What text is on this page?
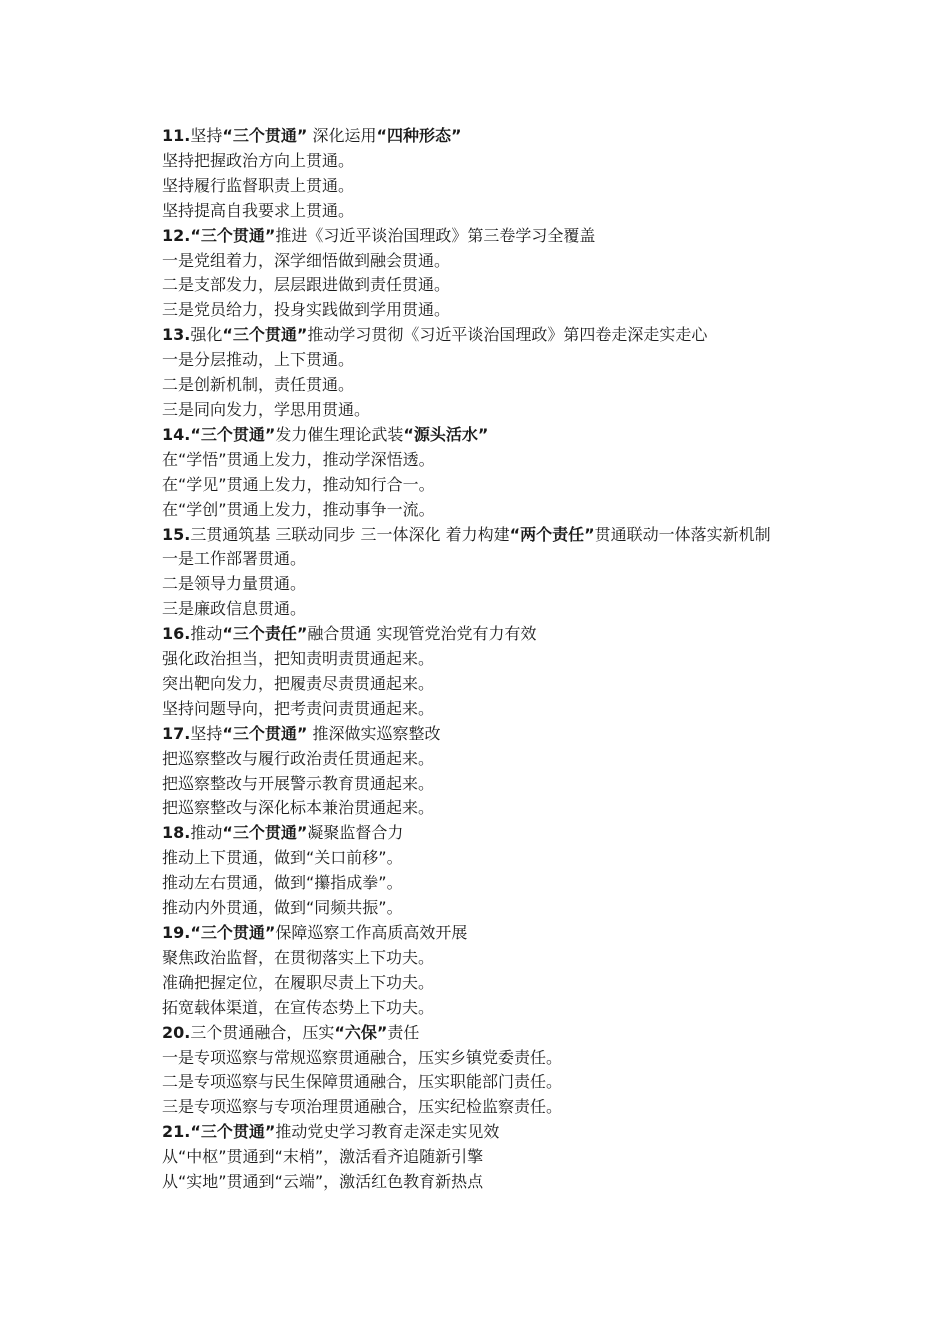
11.坚持“三个贯通” 深化运用“四种形态”
坚持把握政治方向上贯通。
坚持履行监督职责上贯通。
坚持提高自我要求上贯通。
12.“三个贯通”推进《习近平谈治国理政》第三卷学习全覆盖
一是党组着力，深学细悟做到融会贯通。
二是支部发力，层层跟进做到责任贯通。
三是党员给力，投身实践做到学用贯通。
13.强化“三个贯通”推动学习贯彻《习近平谈治国理政》第四卷走深走实走心
一是分层推动，上下贯通。
二是创新机制，责任贯通。
三是同向发力，学思用贯通。
14.“三个贯通”发力催生理论武装“源头活水”
在“学悟”贯通上发力，推动学深悟透。
在“学见”贯通上发力，推动知行合一。
在“学创”贯通上发力，推动事争一流。
15.三贯通筑基 三联动同步 三一体深化 着力构建“两个责任”贯通联动一体落实新机制
一是工作部署贯通。
二是领导力量贯通。
三是廉政信息贯通。
16.推动“三个责任”融合贯通 实现管党治党有力有效
强化政治担当，把知责明责贯通起来。
突出靶向发力，把履责尽责贯通起来。
坚持问题导向，把考责问责贯通起来。
17.坚持“三个贯通” 推深做实巡察整改
把巡察整改与履行政治责任贯通起来。
把巡察整改与开展警示教育贯通起来。
把巡察整改与深化标本兼治贯通起来。
18.推动“三个贯通”凝聚监督合力
推动上下贯通，做到“关口前移”。
推动左右贯通，做到“攥指成拳”。
推动内外贯通，做到“同频共振”。
19.“三个贯通”保障巡察工作高质高效开展
聚焦政治监督，在贯彻落实上下功夫。
准确把握定位，在履职尽责上下功夫。
拓宽载体渠道，在宣传态势上下功夫。
20.三个贯通融合，压实“六保”责任
一是专项巡察与常规巡察贯通融合，压实乡镇党委责任。
二是专项巡察与民生保障贯通融合，压实职能部门责任。
三是专项巡察与专项治理贯通融合，压实纪检监察责任。
21.“三个贯通”推动党史学习教育走深走实见效
从“中枢”贯通到“末梢”，激活看齐追随新引擎
从“实地”贯通到“云端”，激活红色教育新热点
